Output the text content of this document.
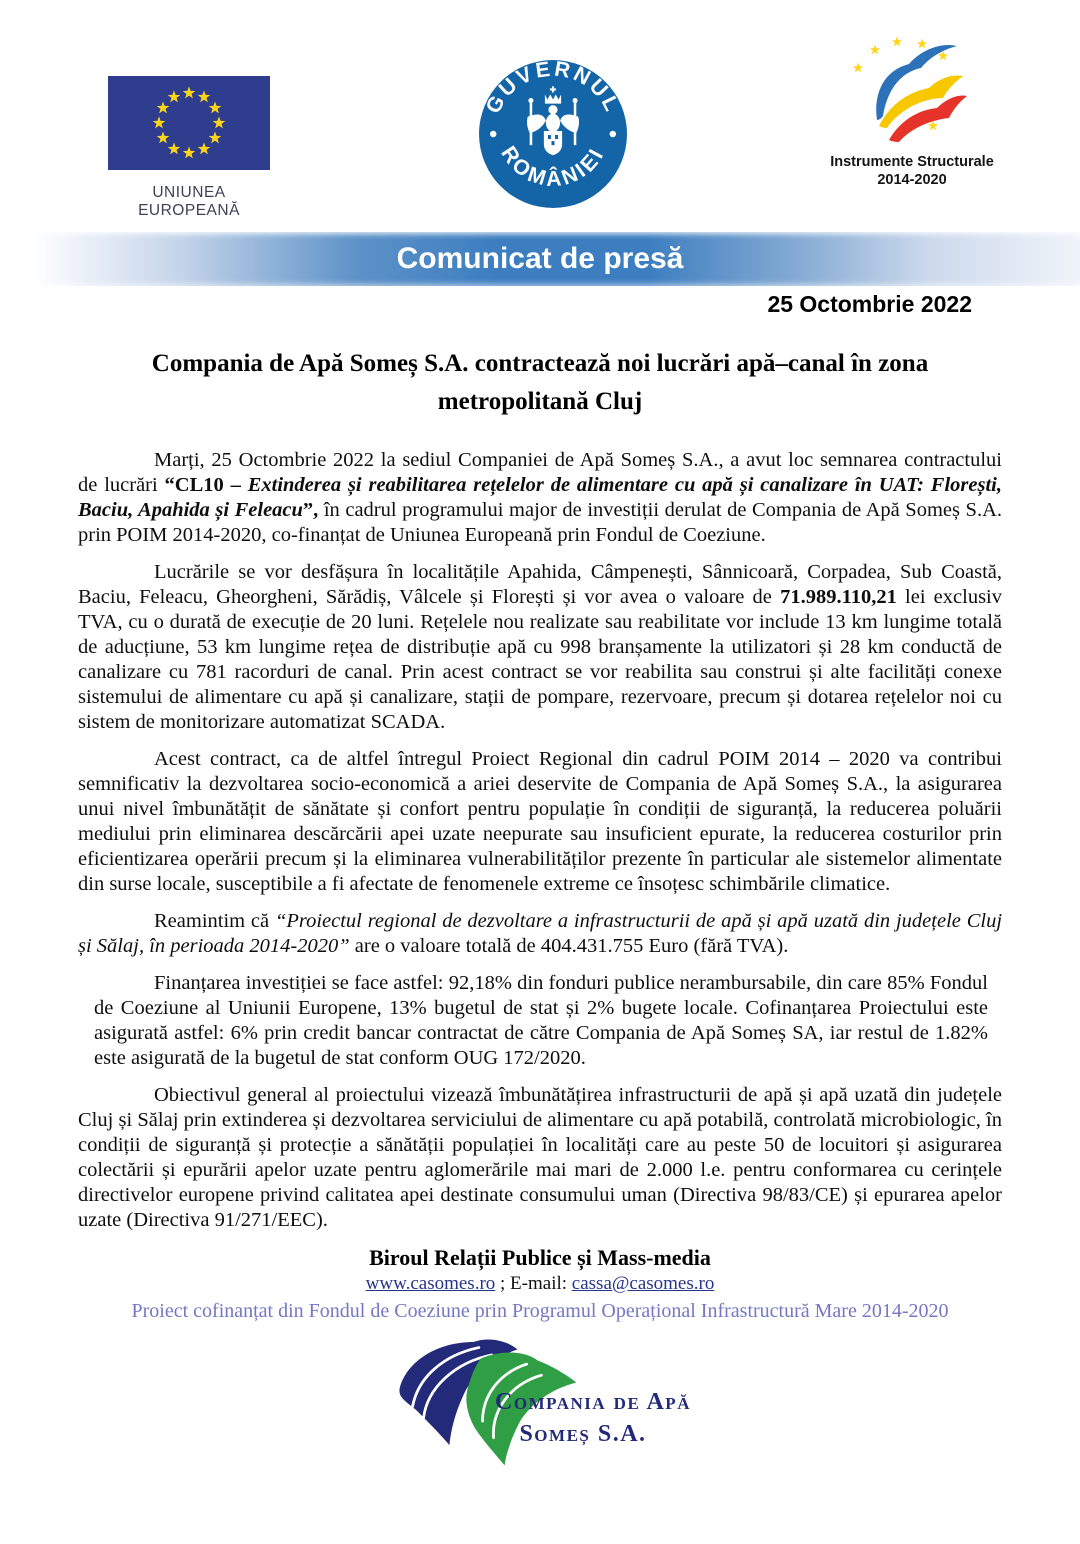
UNIUNEA EUROPEANĂ
GUVERNUL
ROMÂNIEI	Instrumente Structurale
2014-2020
Comunicat de presă
25 Octombrie 2022
Compania de Apă Someș S.A. contractează noi lucrări apă–canal în zona metropolitană Cluj

Marți, 25 Octombrie 2022 la sediul Companiei de Apă Someș S.A., a avut loc semnarea contractului de lucrări “CL10 – Extinderea și reabilitarea rețelelor de alimentare cu apă și canalizare în UAT: Florești, Baciu, Apahida și Feleacu”, în cadrul programului major de investiții derulat de Compania de Apă Someș S.A. prin POIM 2014-2020, co-finanțat de Uniunea Europeană prin Fondul de Coeziune.

Lucrările se vor desfășura în localitățile Apahida, Câmpenești, Sânnicoară, Corpadea, Sub Coastă, Baciu, Feleacu, Gheorgheni, Sărădiș, Vâlcele și Florești și vor avea o valoare de 71.989.110,21 lei exclusiv TVA, cu o durată de execuție de 20 luni. Rețelele nou realizate sau reabilitate vor include 13 km lungime totală de aducțiune, 53 km lungime rețea de distribuție apă cu 998 branșamente la utilizatori și 28 km conductă de canalizare cu 781 racorduri de canal. Prin acest contract se vor reabilita sau construi și alte facilități conexe sistemului de alimentare cu apă și canalizare, stații de pompare, rezervoare, precum și dotarea rețelelor noi cu sistem de monitorizare automatizat SCADA.

Acest contract, ca de altfel întregul Proiect Regional din cadrul POIM 2014 – 2020 va contribui semnificativ la dezvoltarea socio-economică a ariei deservite de Compania de Apă Someș S.A., la asigurarea unui nivel îmbunătățit de sănătate și confort pentru populație în condiții de siguranță, la reducerea poluării mediului prin eliminarea descărcării apei uzate neepurate sau insuficient epurate, la reducerea costurilor prin eficientizarea operării precum și la eliminarea vulnerabilităților prezente în particular ale sistemelor alimentate din surse locale, susceptibile a fi afectate de fenomenele extreme ce însoțesc schimbările climatice.

Reamintim că “Proiectul regional de dezvoltare a infrastructurii de apă și apă uzată din județele Cluj și Sălaj, în perioada 2014-2020” are o valoare totală de 404.431.755 Euro (fără TVA).

Finanțarea investiției se face astfel: 92,18% din fonduri publice nerambursabile, din care 85% Fondul de Coeziune al Uniunii Europene, 13% bugetul de stat și 2% bugete locale. Cofinanțarea Proiectului este asigurată astfel: 6% prin credit bancar contractat de către Compania de Apă Someș SA, iar restul de 1.82% este asigurată de la bugetul de stat conform OUG 172/2020.

Obiectivul general al proiectului vizează îmbunătățirea infrastructurii de apă și apă uzată din județele Cluj și Sălaj prin extinderea și dezvoltarea serviciului de alimentare cu apă potabilă, controlată microbiologic, în condiții de siguranță și protecție a sănătății populației în localități care au peste 50 de locuitori și asigurarea colectării și epurării apelor uzate pentru aglomerările mai mari de 2.000 l.e. pentru conformarea cu cerințele directivelor europene privind calitatea apei destinate consumului uman (Directiva 98/83/CE) și epurarea apelor uzate (Directiva 91/271/EEC).

Biroul Relații Publice și Mass-media
www.casomes.ro ; E-mail: cassa@casomes.ro
Proiect cofinanțat din Fondul de Coeziune prin Programul Operațional Infrastructură Mare 2014-2020
Compania de Apă
Someș S.A.
